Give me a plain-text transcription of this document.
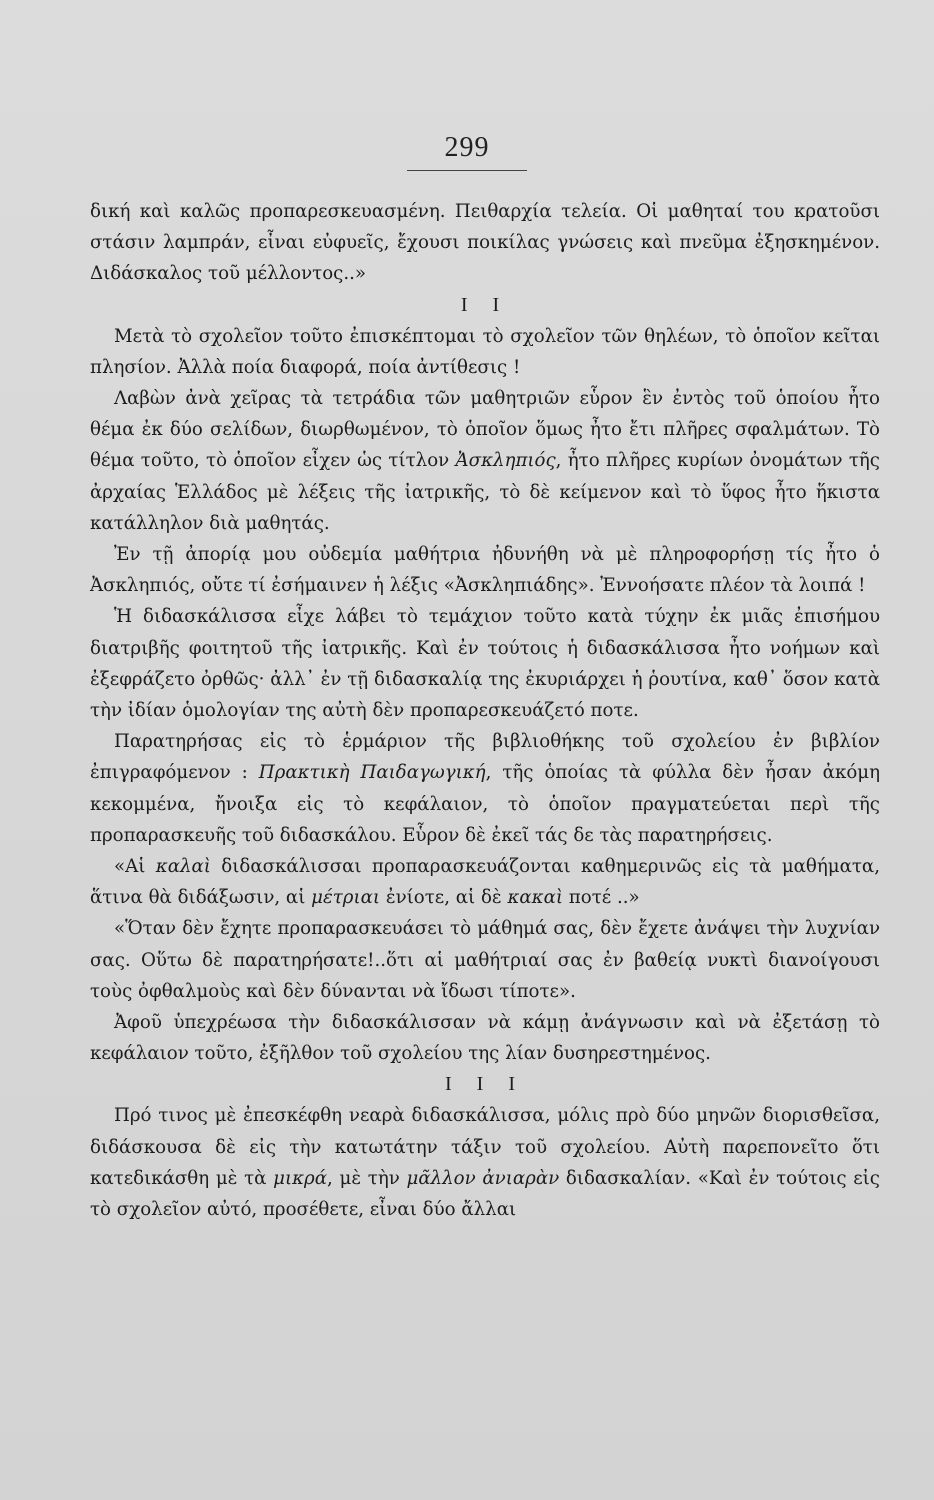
299

δική καὶ καλῶς προπαρεσκευασμένη. Πειθαρχία τελεία. Οἱ μαθηταί του κρατοῦσι στάσιν λαμπράν, εἶναι εὐφυεῖς, ἔχουσι ποικίλας γνώσεις καὶ πνεῦμα ἐξησκημένον. Διδάσκαλος τοῦ μέλλοντος..»

Ι Ι

Μετὰ τὸ σχολεῖον τοῦτο ἐπισκέπτομαι τὸ σχολεῖον τῶν θηλέων, τὸ ὁποῖον κεῖται πλησίον. Ἀλλὰ ποία διαφορά, ποία ἀντίθεσις !

Λαβὼν ἀνὰ χεῖρας τὰ τετράδια τῶν μαθητριῶν εὗρον ἓν ἐντὸς τοῦ ὁποίου ἦτο θέμα ἐκ δύο σελίδων, διωρθωμένον, τὸ ὁποῖον ὅμως ἦτο ἔτι πλῆρες σφαλμάτων. Τὸ θέμα τοῦτο, τὸ ὁποῖον εἶχεν ὡς τίτλον Ἀσκληπιός, ἦτο πλῆρες κυρίων ὀνομάτων τῆς ἀρχαίας Ἑλλάδος μὲ λέξεις τῆς ἰατρικῆς, τὸ δὲ κείμενον καὶ τὸ ὕφος ἦτο ἥκιστα κατάλληλον διὰ μαθητάς.

Ἐν τῇ ἀπορίᾳ μου οὐδεμία μαθήτρια ἠδυνήθη νὰ μὲ πληροφορήσῃ τίς ἦτο ὁ Ἀσκληπιός, οὔτε τί ἐσήμαινεν ἡ λέξις «Ἀσκληπιάδης». Ἐννοήσατε πλέον τὰ λοιπά !

Ἡ διδασκάλισσα εἶχε λάβει τὸ τεμάχιον τοῦτο κατὰ τύχην ἐκ μιᾶς ἐπισήμου διατριβῆς φοιτητοῦ τῆς ἰατρικῆς. Καὶ ἐν τούτοις ἡ διδασκάλισσα ἦτο νοήμων καὶ ἐξεφράζετο ὀρθῶς· ἀλλ᾽ ἐν τῇ διδασκαλίᾳ της ἐκυριάρχει ἡ ῥουτίνα, καθ᾽ ὅσον κατὰ τὴν ἰδίαν ὁμολογίαν της αὐτὴ δὲν προπαρεσκευάζετό ποτε.

Παρατηρήσας εἰς τὸ ἑρμάριον τῆς βιβλιοθήκης τοῦ σχολείου ἐν βιβλίον ἐπιγραφόμενον : Πρακτικὴ Παιδαγωγική, τῆς ὁποίας τὰ φύλλα δὲν ἦσαν ἀκόμη κεκομμένα, ἤνοιξα εἰς τὸ κεφάλαιον, τὸ ὁποῖον πραγματεύεται περὶ τῆς προπαρασκευῆς τοῦ διδασκάλου. Εὗρον δὲ ἐκεῖ τάς δε τὰς παρατηρήσεις.

«Αἱ καλαὶ διδασκάλισσαι προπαρασκευάζονται καθημερινῶς εἰς τὰ μαθήματα, ἅτινα θὰ διδάξωσιν, αἱ μέτριαι ἐνίοτε, αἱ δὲ κακαὶ ποτέ ..»

«Ὅταν δὲν ἔχητε προπαρασκευάσει τὸ μάθημά σας, δὲν ἔχετε ἀνάψει τὴν λυχνίαν σας. Οὕτω δὲ παρατηρήσατε!..ὅτι αἱ μαθήτριαί σας ἐν βαθείᾳ νυκτὶ διανοίγουσι τοὺς ὀφθαλμοὺς καὶ δὲν δύνανται νὰ ἴδωσι τίποτε».

Ἀφοῦ ὑπεχρέωσα τὴν διδασκάλισσαν νὰ κάμῃ ἀνάγνωσιν καὶ νὰ ἐξετάσῃ τὸ κεφάλαιον τοῦτο, ἐξῆλθον τοῦ σχολείου της λίαν δυσηρεστημένος.

Ι Ι Ι

Πρό τινος μὲ ἐπεσκέφθη νεαρὰ διδασκάλισσα, μόλις πρὸ δύο μηνῶν διορισθεῖσα, διδάσκουσα δὲ εἰς τὴν κατωτάτην τάξιν τοῦ σχολείου. Αὐτὴ παρεπονεῖτο ὅτι κατεδικάσθη μὲ τὰ μικρά, μὲ τὴν μᾶλλον ἀνιαρὰν διδασκαλίαν. «Καὶ ἐν τούτοις εἰς τὸ σχολεῖον αὐτό, προσέθετε, εἶναι δύο ἄλλαι
